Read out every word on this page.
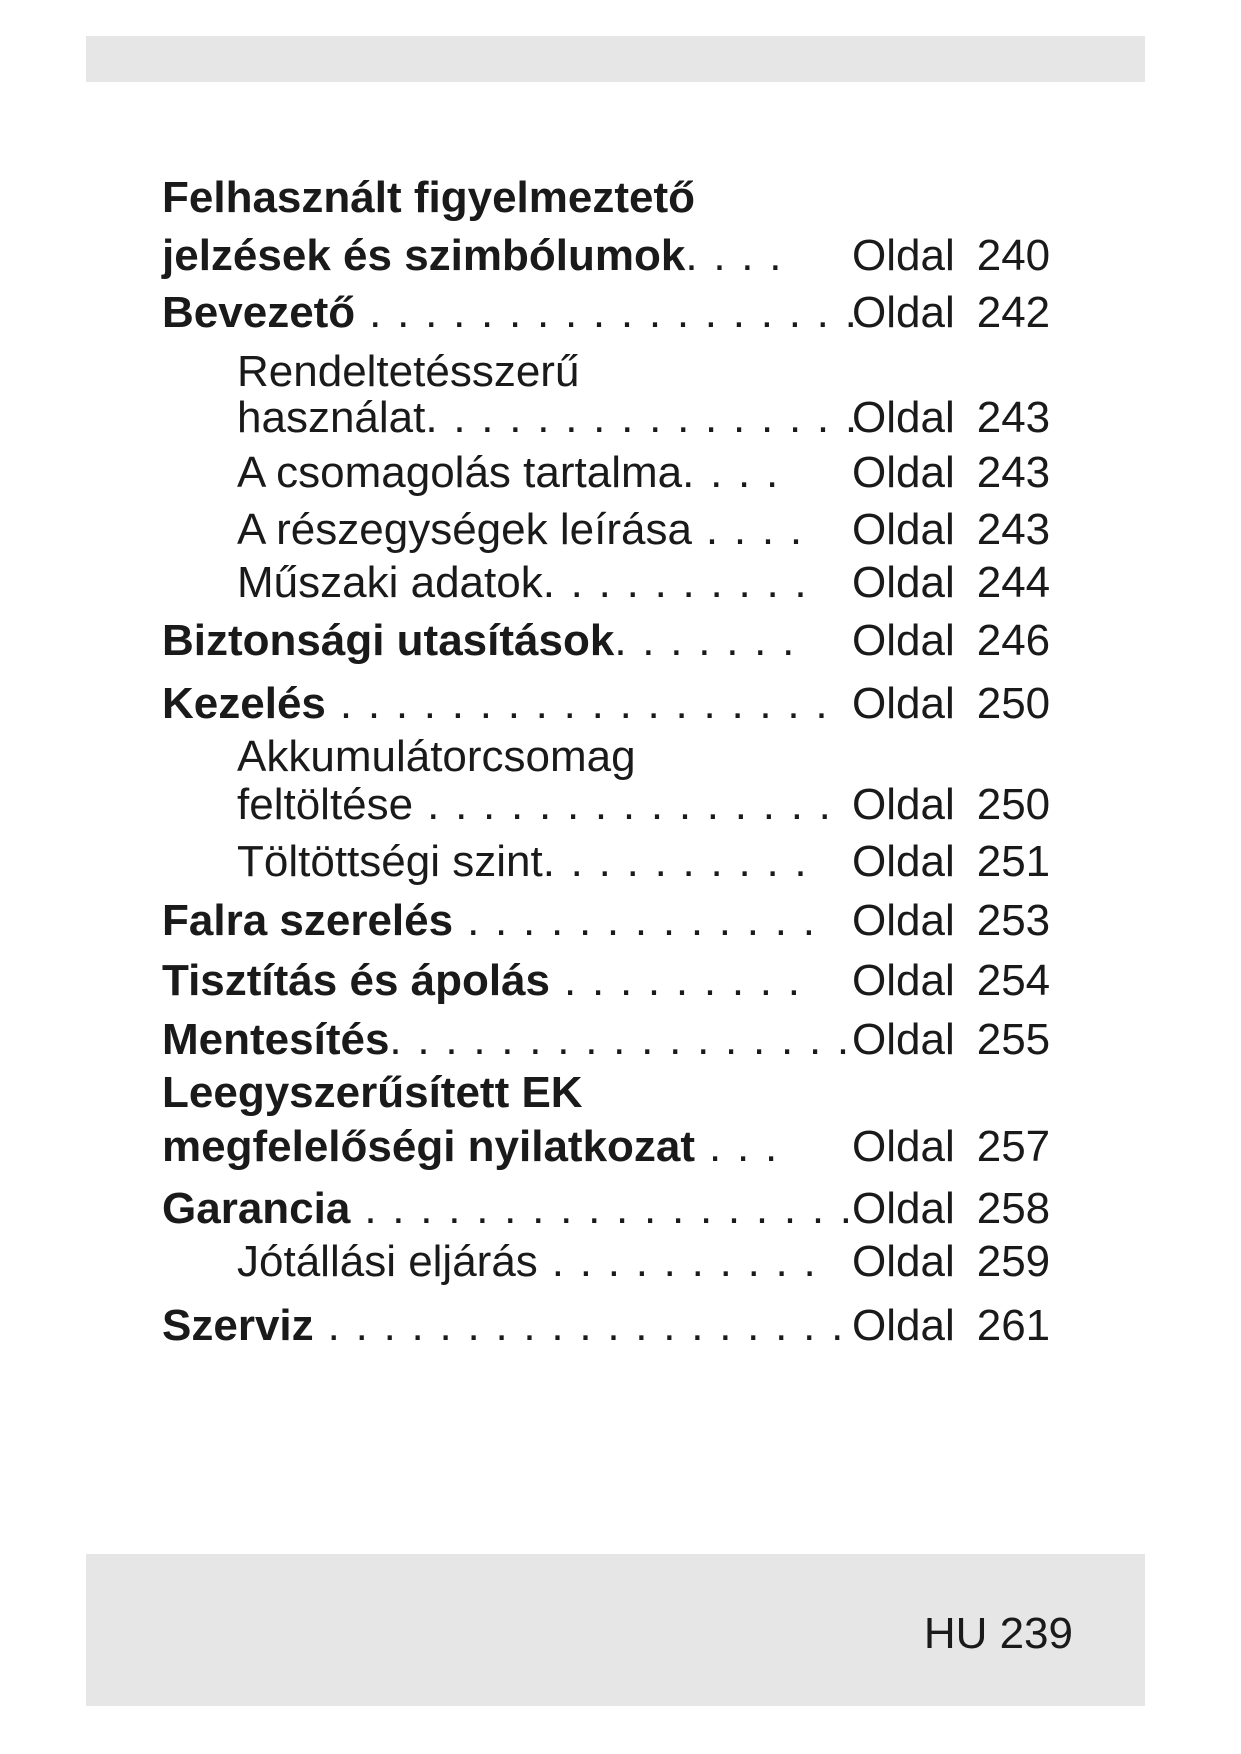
Felhasznált figyelmeztető
jelzések és szimbólumok. . . . Oldal 240
Bevezető . . . . . . . . . . . . . . . . . .
Oldal 242
Rendeltetésszerű
használat. . . . . . . . . . . . . . . .
Oldal 243
A csomagolás tartalma. . . . Oldal 243
A részegységek leírása . . . . Oldal 243
Műszaki adatok. . . . . . . . . . Oldal 244
Biztonsági utasítások. . . . . . . Oldal 246
Kezelés . . . . . . . . . . . . . . . . . . Oldal 250
Akkumulátorcsomag
feltöltése . . . . . . . . . . . . . . . Oldal 250
Töltöttségi szint. . . . . . . . . . Oldal 251
Falra szerelés . . . . . . . . . . . . . Oldal 253
Tisztítás és ápolás . . . . . . . . . Oldal 254
Mentesítés. . . . . . . . . . . . . . . . . Oldal 255
Leegyszerűsített EK
megfelelőségi nyilatkozat . . . Oldal 257
Garancia . . . . . . . . . . . . . . . . . .
Oldal 258
Jótállási eljárás . . . . . . . . . . Oldal 259
Szerviz . . . . . . . . . . . . . . . . . . . Oldal 261
HU 239
